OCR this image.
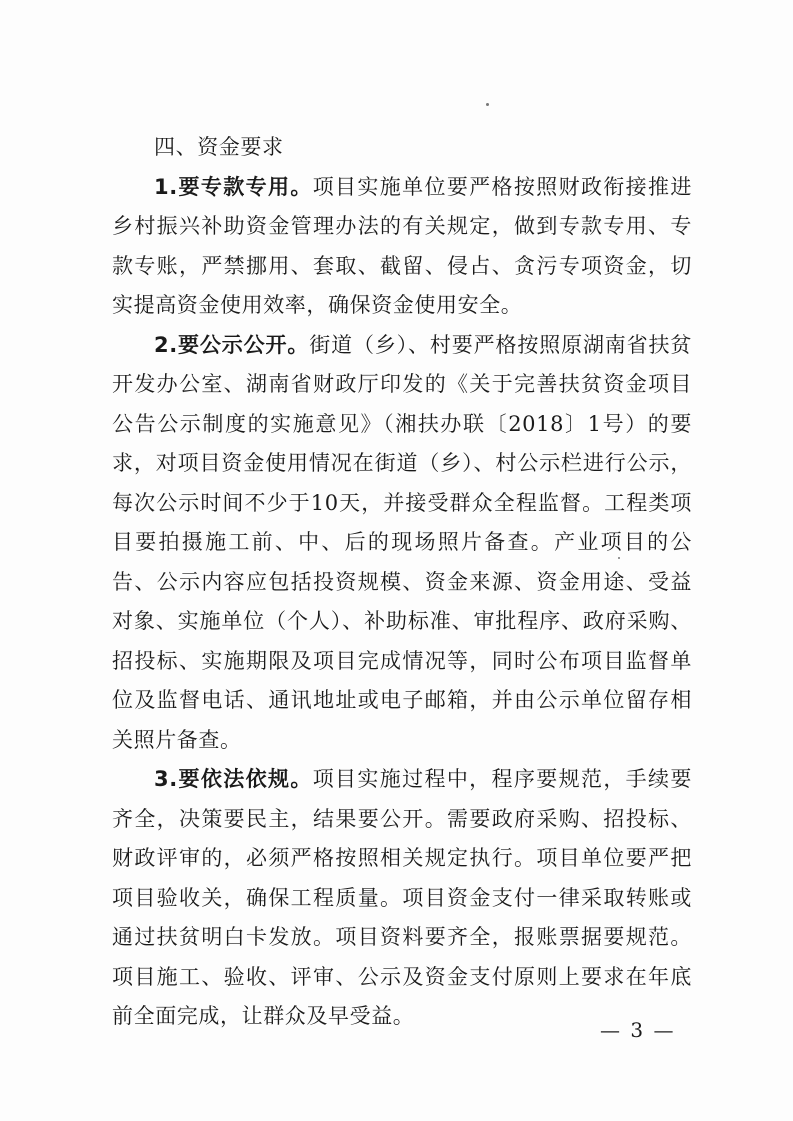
四、资金要求

1.要专款专用。项目实施单位要严格按照财政衔接推进乡村振兴补助资金管理办法的有关规定，做到专款专用、专款专账，严禁挪用、套取、截留、侵占、贪污专项资金，切实提高资金使用效率，确保资金使用安全。

2.要公示公开。街道（乡）、村要严格按照原湖南省扶贫开发办公室、湖南省财政厅印发的《关于完善扶贫资金项目公告公示制度的实施意见》（湘扶办联〔2018〕1号）的要求，对项目资金使用情况在街道（乡）、村公示栏进行公示，每次公示时间不少于10天，并接受群众全程监督。工程类项目要拍摄施工前、中、后的现场照片备查。产业项目的公告、公示内容应包括投资规模、资金来源、资金用途、受益对象、实施单位（个人）、补助标准、审批程序、政府采购、招投标、实施期限及项目完成情况等，同时公布项目监督单位及监督电话、通讯地址或电子邮箱，并由公示单位留存相关照片备查。

3.要依法依规。项目实施过程中，程序要规范，手续要齐全，决策要民主，结果要公开。需要政府采购、招投标、财政评审的，必须严格按照相关规定执行。项目单位要严把项目验收关，确保工程质量。项目资金支付一律采取转账或通过扶贫明白卡发放。项目资料要齐全，报账票据要规范。项目施工、验收、评审、公示及资金支付原则上要求在年底前全面完成，让群众及早受益。

— 3 —
